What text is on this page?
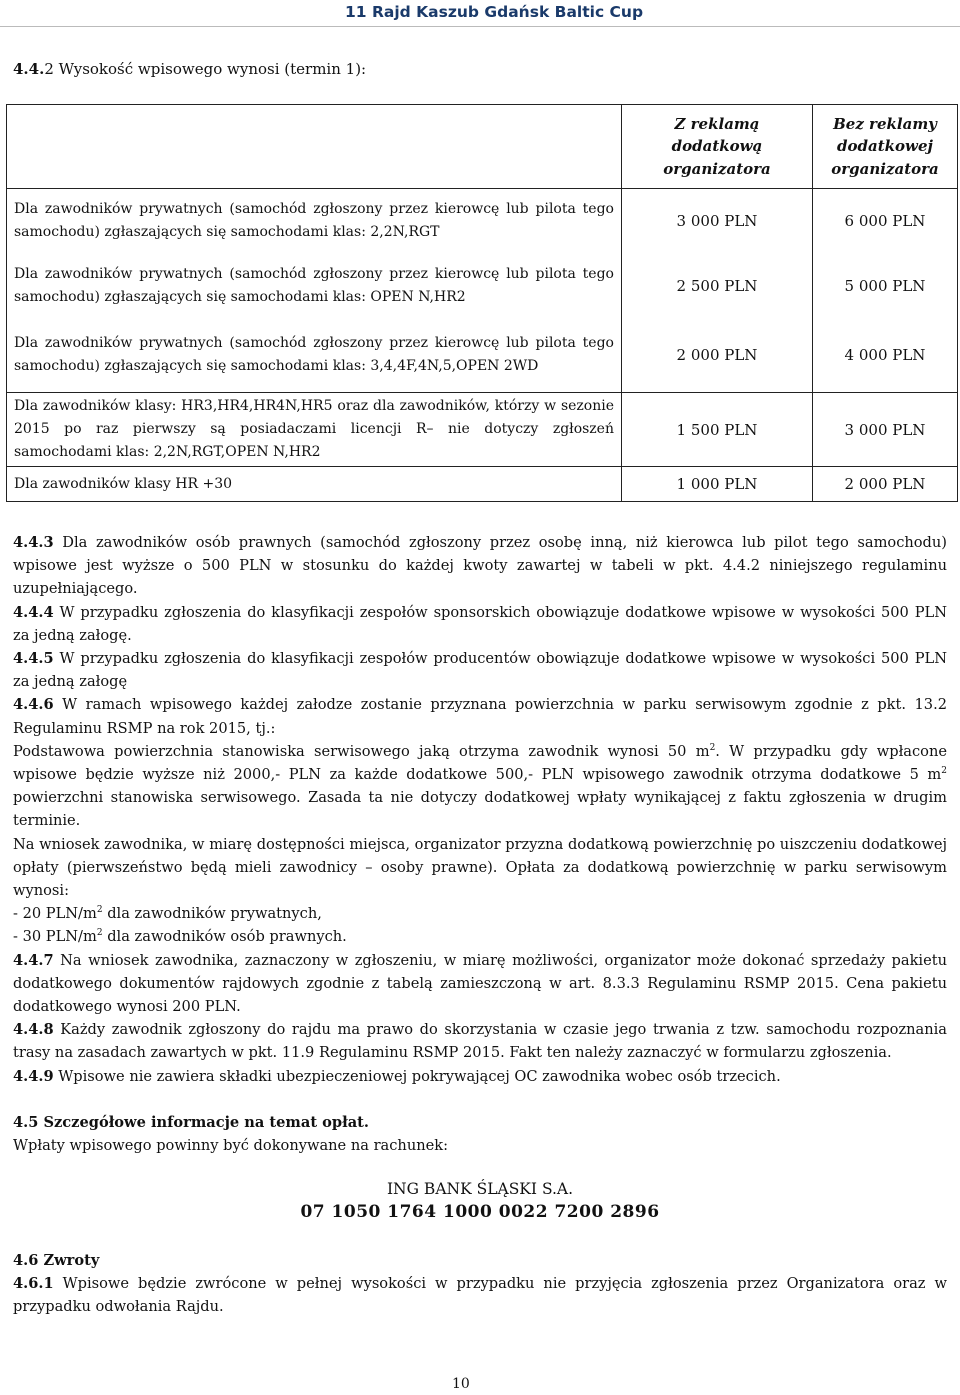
11 Rajd Kaszub Gdańsk Baltic Cup
4.4.2 Wysokość wpisowego wynosi (termin 1):
	Z reklamą dodatkową organizatora	Bez reklamy dodatkowej organizatora
Dla zawodników prywatnych (samochód zgłoszony przez kierowcę lub pilota tego samochodu) zgłaszających się samochodami klas: 2,2N,RGT	3 000 PLN	6 000 PLN
Dla zawodników prywatnych (samochód zgłoszony przez kierowcę lub pilota tego samochodu) zgłaszających się samochodami klas: OPEN N,HR2	2 500 PLN	5 000 PLN
Dla zawodników prywatnych (samochód zgłoszony przez kierowcę lub pilota tego samochodu) zgłaszających się samochodami klas: 3,4,4F,4N,5,OPEN 2WD	2 000 PLN	4 000 PLN
Dla zawodników klasy: HR3,HR4,HR4N,HR5 oraz dla zawodników, którzy w sezonie 2015 po raz pierwszy są posiadaczami licencji R– nie dotyczy zgłoszeń samochodami klas: 2,2N,RGT,OPEN N,HR2	1 500 PLN	3 000 PLN
Dla zawodników klasy HR +30	1 000 PLN	2 000 PLN

4.4.3 Dla zawodników osób prawnych (samochód zgłoszony przez osobę inną, niż kierowca lub pilot tego samochodu) wpisowe jest wyższe o 500 PLN w stosunku do każdej kwoty zawartej w tabeli w pkt. 4.4.2 niniejszego regulaminu uzupełniającego.

4.4.4 W przypadku zgłoszenia do klasyfikacji zespołów sponsorskich obowiązuje dodatkowe wpisowe w wysokości 500 PLN za jedną załogę.

4.4.5 W przypadku zgłoszenia do klasyfikacji zespołów producentów obowiązuje dodatkowe wpisowe w wysokości 500 PLN za jedną załogę

4.4.6 W ramach wpisowego każdej załodze zostanie przyznana powierzchnia w parku serwisowym zgodnie z pkt. 13.2 Regulaminu RSMP na rok 2015, tj.:

Podstawowa powierzchnia stanowiska serwisowego jaką otrzyma zawodnik wynosi 50 $m^2$. W przypadku gdy wpłacone wpisowe będzie wyższe niż 2000,- PLN za każde dodatkowe 500,- PLN wpisowego zawodnik otrzyma dodatkowe 5 $m^2$ powierzchni stanowiska serwisowego. Zasada ta nie dotyczy dodatkowej wpłaty wynikającej z faktu zgłoszenia w drugim terminie.

Na wniosek zawodnika, w miarę dostępności miejsca, organizator przyzna dodatkową powierzchnię po uiszczeniu dodatkowej opłaty (pierwszeństwo będą mieli zawodnicy – osoby prawne). Opłata za dodatkową powierzchnię w parku serwisowym wynosi:

- 20 PLN/$m^2$ dla zawodników prywatnych,

- 30 PLN/$m^2$ dla zawodników osób prawnych.

4.4.7 Na wniosek zawodnika, zaznaczony w zgłoszeniu, w miarę możliwości, organizator może dokonać sprzedaży pakietu dodatkowego dokumentów rajdowych zgodnie z tabelą zamieszczoną w art. 8.3.3 Regulaminu RSMP 2015. Cena pakietu dodatkowego wynosi 200 PLN.

4.4.8 Każdy zawodnik zgłoszony do rajdu ma prawo do skorzystania w czasie jego trwania z tzw. samochodu rozpoznania trasy na zasadach zawartych w pkt. 11.9 Regulaminu RSMP 2015. Fakt ten należy zaznaczyć w formularzu zgłoszenia.

4.4.9 Wpisowe nie zawiera składki ubezpieczeniowej pokrywającej OC zawodnika wobec osób trzecich.

4.5 Szczegółowe informacje na temat opłat.

Wpłaty wpisowego powinny być dokonywane na rachunek:

ING BANK ŚLĄSKI S.A.

07 1050 1764 1000 0022 7200 2896

4.6 Zwroty

4.6.1 Wpisowe będzie zwrócone w pełnej wysokości w przypadku nie przyjęcia zgłoszenia przez Organizatora oraz w przypadku odwołania Rajdu.

10
